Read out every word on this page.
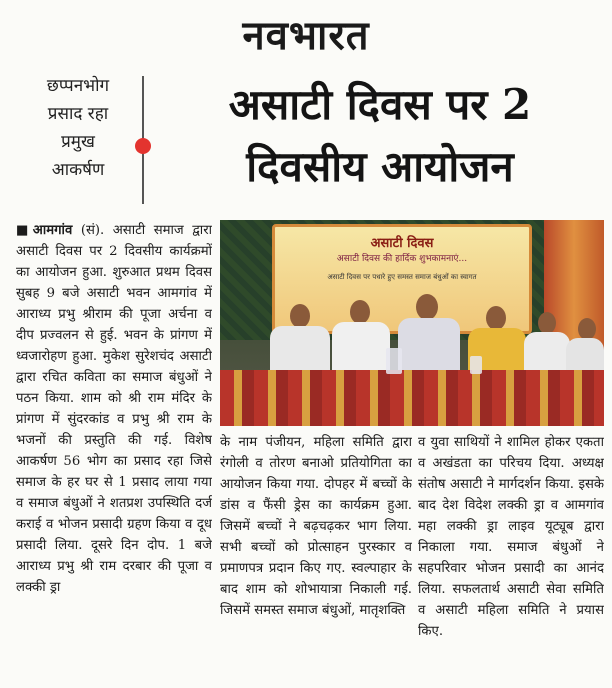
नवभारत
छप्पनभोग
प्रसाद रहा
प्रमुख
आकर्षण
असाटी दिवस पर 2
दिवसीय आयोजन
■आमगांव (सं). असाटी समाज द्वारा असाटी दिवस पर 2 दिवसीय कार्यक्रमों का आयोजन हुआ. शुरुआत प्रथम दिवस सुबह 9 बजे असाटी भवन आमगांव में आराध्य प्रभु श्रीराम की पूजा अर्चना व दीप प्रज्वलन से हुई. भवन के प्रांगण में ध्वजारोहण हुआ. मुकेश सुरेशचंद असाटी द्वारा रचित कविता का समाज बंधुओं ने पठन किया. शाम को श्री राम मंदिर के प्रांगण में सुंदरकांड व प्रभु श्री राम के भजनों की प्रस्तुति की गई. विशेष आकर्षण 56 भोग का प्रसाद रहा जिसे समाज के हर घर से 1 प्रसाद लाया गया व समाज बंधुओं ने शतप्रश उपस्थिति दर्ज कराई व भोजन प्रसादी ग्रहण किया व दूध प्रसादी लिया. दूसरे दिन दोप. 1 बजे आराध्य प्रभु श्री राम दरबार की पूजा व लक्की ड्रा
असाटी दिवस
असाटी दिवस की हार्दिक शुभकामनाएं...
असाटी दिवस पर पधारे हुए समस्त समाज बंधुओं का स्वागत
के नाम पंजीयन, महिला समिति द्वारा रंगोली व तोरण बनाओ प्रतियोगिता का आयोजन किया गया. दोपहर में बच्चों के डांस व फैंसी ड्रेस का कार्यक्रम हुआ. जिसमें बच्चों ने बढ़चढ़कर भाग लिया. सभी बच्चों को प्रोत्साहन पुरस्कार व प्रमाणपत्र प्रदान किए गए. स्वल्पाहार के बाद शाम को शोभायात्रा निकाली गई. जिसमें समस्त समाज बंधुओं, मातृशक्ति
व युवा साथियों ने शामिल होकर एकता व अखंडता का परिचय दिया. अध्यक्ष संतोष असाटी ने मार्गदर्शन किया. इसके बाद देश विदेश लक्की ड्रा व आमगांव महा लक्की ड्रा लाइव यूट्यूब द्वारा निकाला गया. समाज बंधुओं ने सहपरिवार भोजन प्रसादी का आनंद लिया. सफलतार्थ असाटी सेवा समिति व असाटी महिला समिति ने प्रयास किए.
